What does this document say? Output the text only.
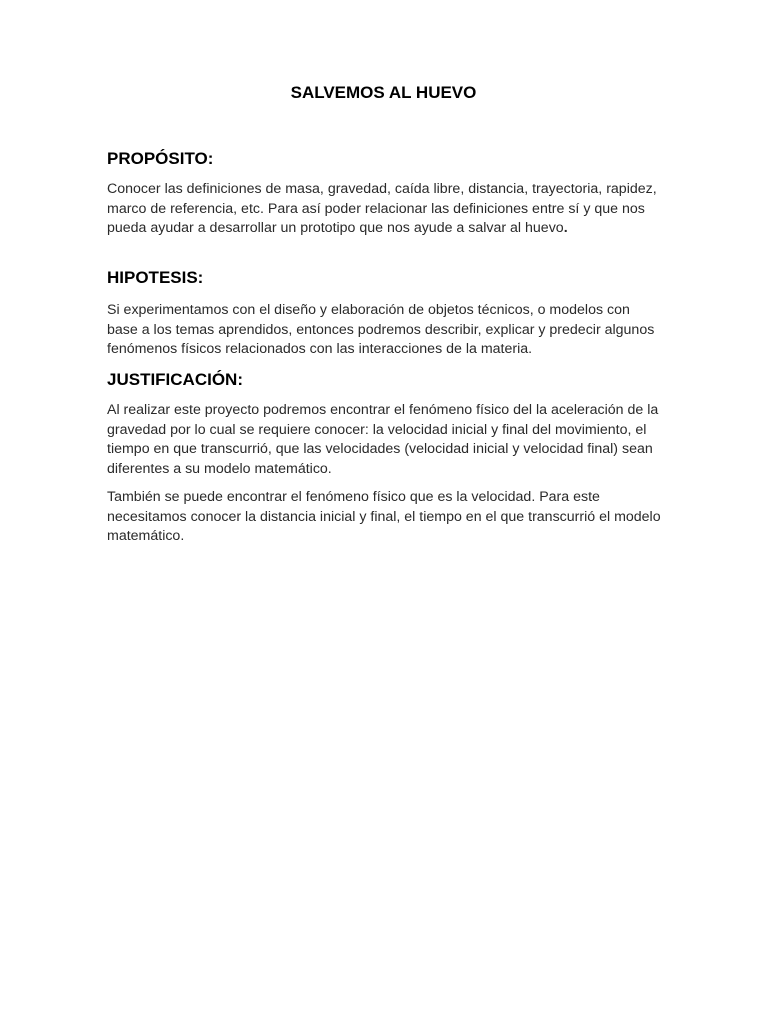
SALVEMOS AL HUEVO
PROPÓSITO:

Conocer las definiciones de masa, gravedad, caída libre, distancia, trayectoria, rapidez, marco de referencia, etc. Para así poder relacionar las definiciones entre sí y que nos pueda ayudar a desarrollar un prototipo que nos ayude a salvar al huevo.

HIPOTESIS:

Si experimentamos con el diseño y elaboración de objetos técnicos, o modelos con base a los temas aprendidos, entonces podremos describir, explicar y predecir algunos fenómenos físicos relacionados con las interacciones de la materia.

JUSTIFICACIÓN:

Al realizar este proyecto podremos encontrar el fenómeno físico del la aceleración de la gravedad por lo cual se requiere conocer: la velocidad inicial y final del movimiento, el tiempo en que transcurrió, que las velocidades (velocidad inicial y velocidad final) sean diferentes a su modelo matemático.

También se puede encontrar el fenómeno físico que es la velocidad. Para este necesitamos conocer la distancia inicial y final, el tiempo en el que transcurrió el modelo matemático.
